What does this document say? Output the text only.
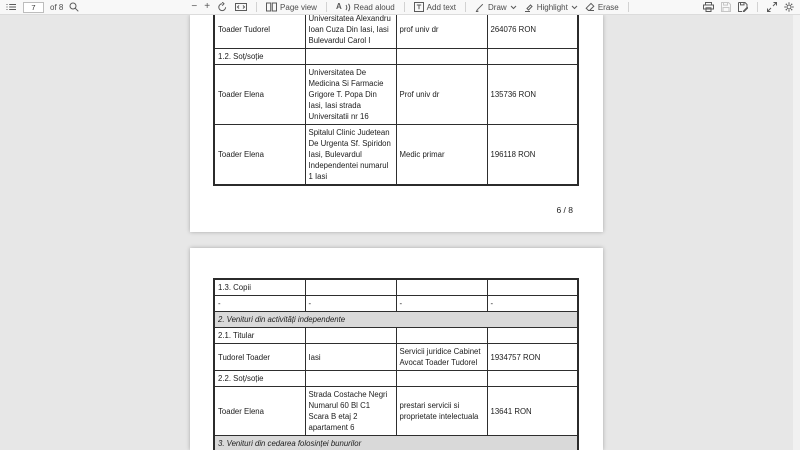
7
of 8	− +	Page view A Read aloud	Add text	Draw	Highlight	Erase
Toader Tudorel	Universitatea Alexandru Ioan Cuza Din Iasi, Iasi Bulevardul Carol I	prof univ dr	264076 RON
1.2. Soț/soție			
Toader Elena	Universitatea De Medicina Si Farmacie Grigore T. Popa Din Iasi, Iasi strada Universitatii nr 16	Prof univ dr	135736 RON
Toader Elena	Spitalul Clinic Judetean De Urgenta Sf. Spiridon Iasi, Bulevardul Independentei numarul 1 Iasi	Medic primar	196118 RON
6 / 8
1.3. Copii			
-	-	-	-
2. Venituri din activități independente			
2.1. Titular			
Tudorel Toader	Iasi	Servicii juridice Cabinet Avocat Toader Tudorel	1934757 RON
2.2. Soț/soție			
Toader Elena	Strada Costache Negri Numarul 60 Bl C1 Scara B etaj 2 apartament 6	prestari servicii si proprietate intelectuala	13641 RON
3. Venituri din cedarea folosinței bunurilor			
